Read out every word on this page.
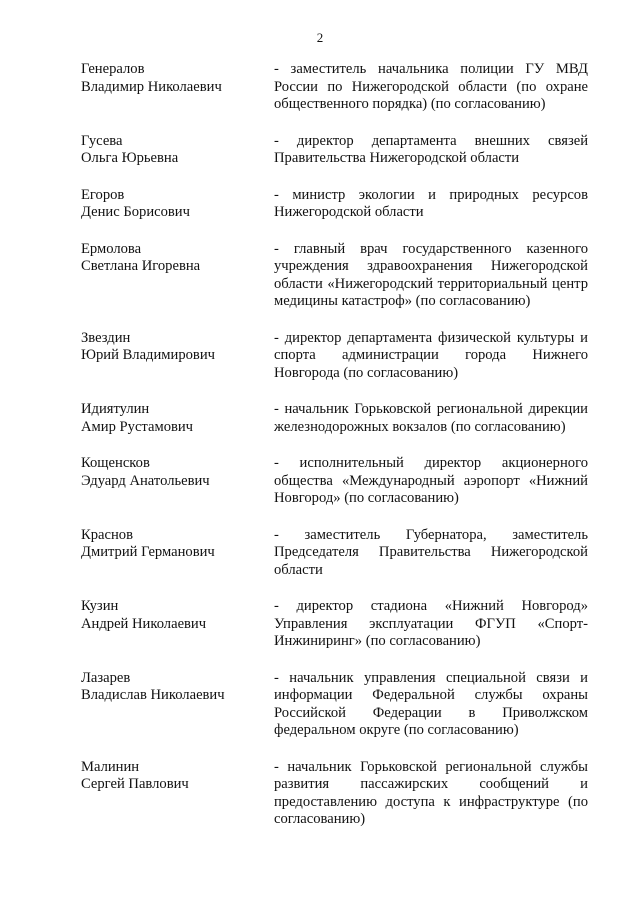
2
Генералов
Владимир Николаевич
- заместитель начальника полиции ГУ МВД России по Нижегородской области (по охране общественного порядка) (по согласованию)
Гусева
Ольга Юрьевна
- директор департамента внешних связей Правительства Нижегородской области
Егоров
Денис Борисович
- министр экологии и природных ресурсов Нижегородской области
Ермолова
Светлана Игоревна
- главный врач государственного казенного учреждения здравоохранения Нижегородской области «Нижегородский территориальный центр медицины катастроф» (по согласованию)
Звездин
Юрий Владимирович
- директор департамента физической культуры и спорта администрации города Нижнего Новгорода (по согласованию)
Идиятулин
Амир Рустамович
- начальник Горьковской региональной дирекции железнодорожных вокзалов (по согласованию)
Кощенсков
Эдуард Анатольевич
- исполнительный директор акционерного общества «Международный аэропорт «Нижний Новгород» (по согласованию)
Краснов
Дмитрий Германович
- заместитель Губернатора, заместитель Председателя Правительства Нижегородской области
Кузин
Андрей Николаевич
- директор стадиона «Нижний Новгород» Управления эксплуатации ФГУП «Спорт-Инжиниринг» (по согласованию)
Лазарев
Владислав Николаевич
- начальник управления специальной связи и информации Федеральной службы охраны Российской Федерации в Приволжском федеральном округе (по согласованию)
Малинин
Сергей Павлович
- начальник Горьковской региональной службы развития пассажирских сообщений и предоставлению доступа к инфраструктуре (по согласованию)
